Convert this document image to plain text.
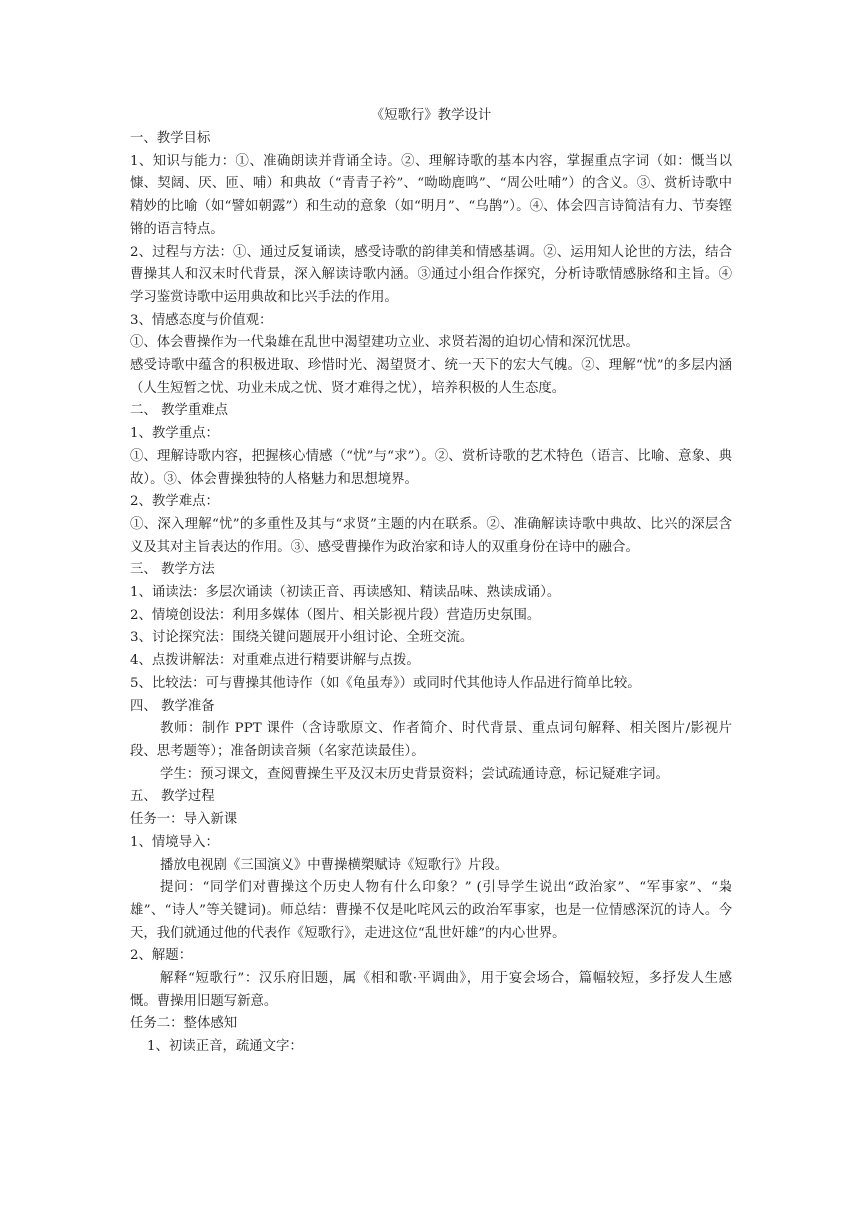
《短歌行》教学设计

一、教学目标

1、知识与能力：①、准确朗读并背诵全诗。②、理解诗歌的基本内容，掌握重点字词（如：慨当以慷、契阔、厌、匝、哺）和典故（“青青子衿”、“呦呦鹿鸣”、“周公吐哺”）的含义。③、赏析诗歌中精妙的比喻（如“譬如朝露”）和生动的意象（如“明月”、“乌鹊”）。④、体会四言诗简洁有力、节奏铿锵的语言特点。

2、过程与方法：①、通过反复诵读，感受诗歌的韵律美和情感基调。②、运用知人论世的方法，结合曹操其人和汉末时代背景，深入解读诗歌内涵。③通过小组合作探究，分析诗歌情感脉络和主旨。④学习鉴赏诗歌中运用典故和比兴手法的作用。

3、情感态度与价值观：

①、体会曹操作为一代枭雄在乱世中渴望建功立业、求贤若渴的迫切心情和深沉忧思。

感受诗歌中蕴含的积极进取、珍惜时光、渴望贤才、统一天下的宏大气魄。②、理解“忧”的多层内涵（人生短暂之忧、功业未成之忧、贤才难得之忧），培养积极的人生态度。

二、 教学重难点

1、教学重点：

①、理解诗歌内容，把握核心情感（“忧”与“求”）。②、赏析诗歌的艺术特色（语言、比喻、意象、典故）。③、体会曹操独特的人格魅力和思想境界。

2、教学难点：

①、深入理解“忧”的多重性及其与“求贤”主题的内在联系。②、准确解读诗歌中典故、比兴的深层含义及其对主旨表达的作用。③、感受曹操作为政治家和诗人的双重身份在诗中的融合。

三、 教学方法

1、诵读法：多层次诵读（初读正音、再读感知、精读品味、熟读成诵）。

2、情境创设法：利用多媒体（图片、相关影视片段）营造历史氛围。

3、讨论探究法：围绕关键问题展开小组讨论、全班交流。

4、点拨讲解法：对重难点进行精要讲解与点拨。

5、比较法：可与曹操其他诗作（如《龟虽寿》）或同时代其他诗人作品进行简单比较。

四、 教学准备

教师：制作 PPT 课件（含诗歌原文、作者简介、时代背景、重点词句解释、相关图片/影视片段、思考题等）；准备朗读音频（名家范读最佳）。

学生：预习课文，查阅曹操生平及汉末历史背景资料；尝试疏通诗意，标记疑难字词。

五、 教学过程

任务一：导入新课

1、情境导入：

播放电视剧《三国演义》中曹操横槊赋诗《短歌行》片段。

提问：“同学们对曹操这个历史人物有什么印象？” (引导学生说出“政治家”、“军事家”、“枭雄”、“诗人”等关键词)。师总结：曹操不仅是叱咤风云的政治军事家，也是一位情感深沉的诗人。今天，我们就通过他的代表作《短歌行》，走进这位“乱世奸雄”的内心世界。

2、解题：

解释“短歌行”：汉乐府旧题，属《相和歌·平调曲》，用于宴会场合，篇幅较短，多抒发人生感慨。曹操用旧题写新意。

任务二：整体感知

1、初读正音，疏通文字：
